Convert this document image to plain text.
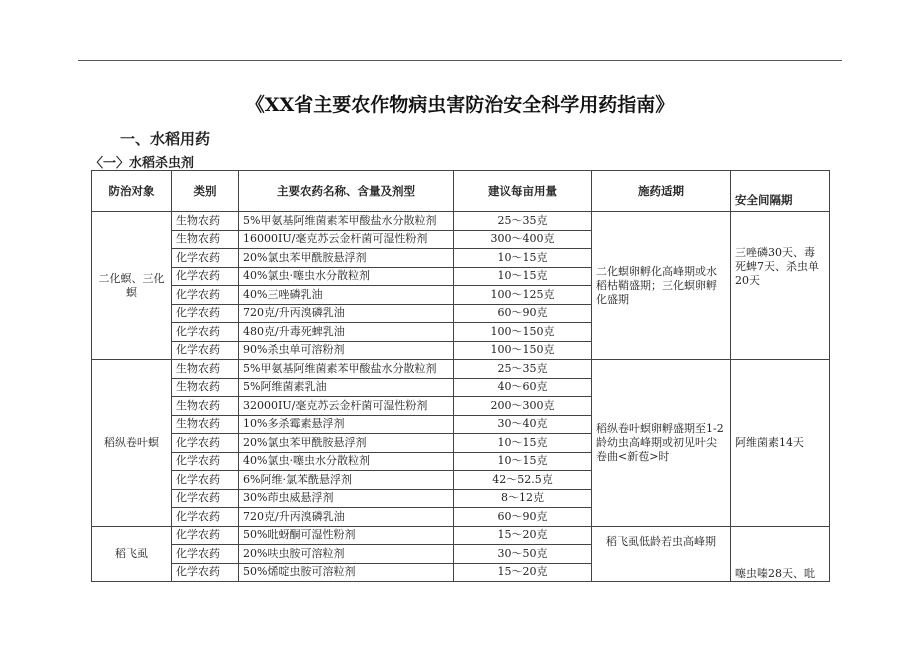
《XX省主要农作物病虫害防治安全科学用药指南》
一、水稻用药
〈一〉水稻杀虫剂
防治对象	类别	主要农药名称、含量及剂型	建议每亩用量	施药适期	安全间隔期
二化螟、三化螟	生物农药	5%甲氨基阿维菌素苯甲酸盐水分散粒剂	25～35克	二化螟卵孵化高峰期或水稻枯鞘盛期；三化螟卵孵化盛期	三唑磷30天、毒死蜱7天、杀虫单20天
	生物农药	16000IU/毫克苏云金杆菌可湿性粉剂	300～400克		
	化学农药	20%氯虫苯甲酰胺悬浮剂	10～15克		
	化学农药	40%氯虫·噻虫水分散粒剂	10～15克		
	化学农药	40%三唑磷乳油	100～125克		
	化学农药	720克/升丙溴磷乳油	60～90克		
	化学农药	480克/升毒死蜱乳油	100～150克		
	化学农药	90%杀虫单可溶粉剂	100～150克		
稻纵卷叶螟	生物农药	5%甲氨基阿维菌素苯甲酸盐水分散粒剂	25～35克	稻纵卷叶螟卵孵盛期至1-2龄幼虫高峰期或初见叶尖卷曲<新苞>时	阿维菌素14天
	生物农药	5%阿维菌素乳油	40～60克		
	生物农药	32000IU/毫克苏云金杆菌可湿性粉剂	200～300克		
	生物农药	10%多杀霉素悬浮剂	30～40克		
	化学农药	20%氯虫苯甲酰胺悬浮剂	10～15克		
	化学农药	40%氯虫·噻虫水分散粒剂	10～15克		
	化学农药	6%阿维·氯苯酰悬浮剂	42～52.5克		
	化学农药	30%茚虫威悬浮剂	8～12克		
	化学农药	720克/升丙溴磷乳油	60～90克		
稻飞虱	化学农药	50%吡蚜酮可湿性粉剂	15～20克	稻飞虱低龄若虫高峰期	噻虫嗪28天、吡

	化学农药	20%呋虫胺可溶粒剂	30～50克		
	化学农药	50%烯啶虫胺可溶粒剂	15～20克		
